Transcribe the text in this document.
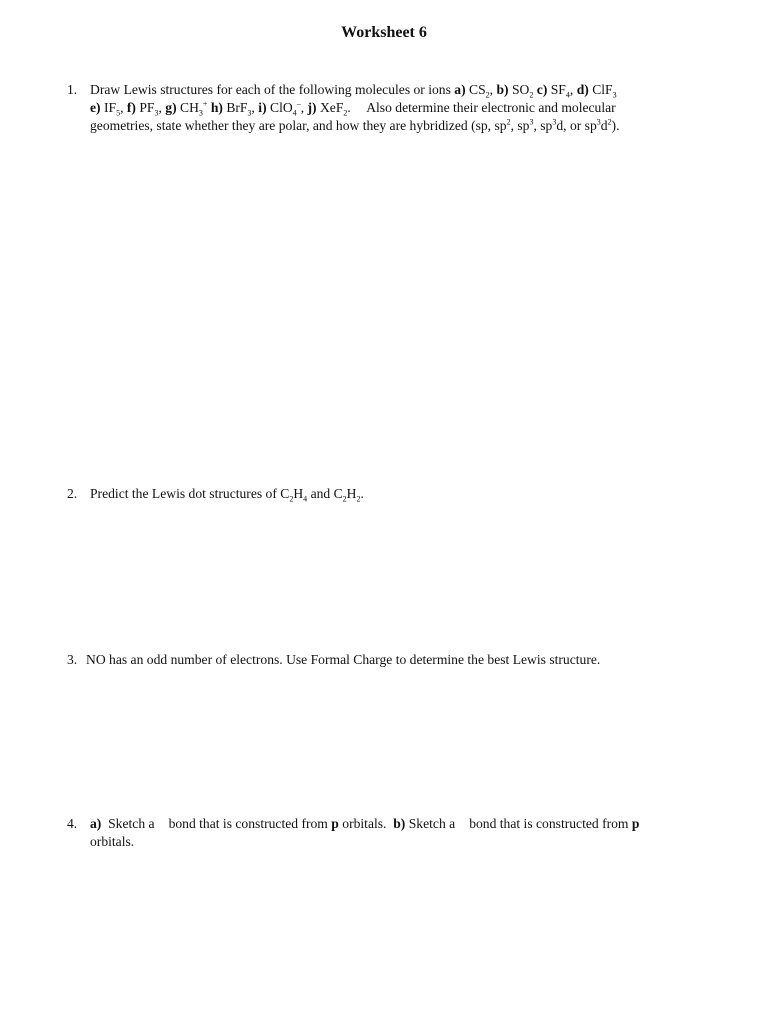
Worksheet 6
1. Draw Lewis structures for each of the following molecules or ions a) $CS_2$, b) $SO_2$ c) $SF_4$, d) ClF$_3$
e) $IF_5$, f) $PF_3$, g) $CH_3^+$ h) BrF$_3$, i) ClO$_4$–, j) XeF$_2$. Also determine their electronic and molecular
geometries, state whether they are polar, and how they are hybridized (sp, $sp^2$, $sp^3$, $sp^3d$, or $sp^3d^2$).
2. Predict the Lewis dot structures of $C_2H_4$ and $C_2H_2$.
3. NO has an odd number of electrons. Use Formal Charge to determine the best Lewis structure.
4. a) Sketch a bond that is constructed from p orbitals. b) Sketch a bond that is constructed from p
orbitals.
